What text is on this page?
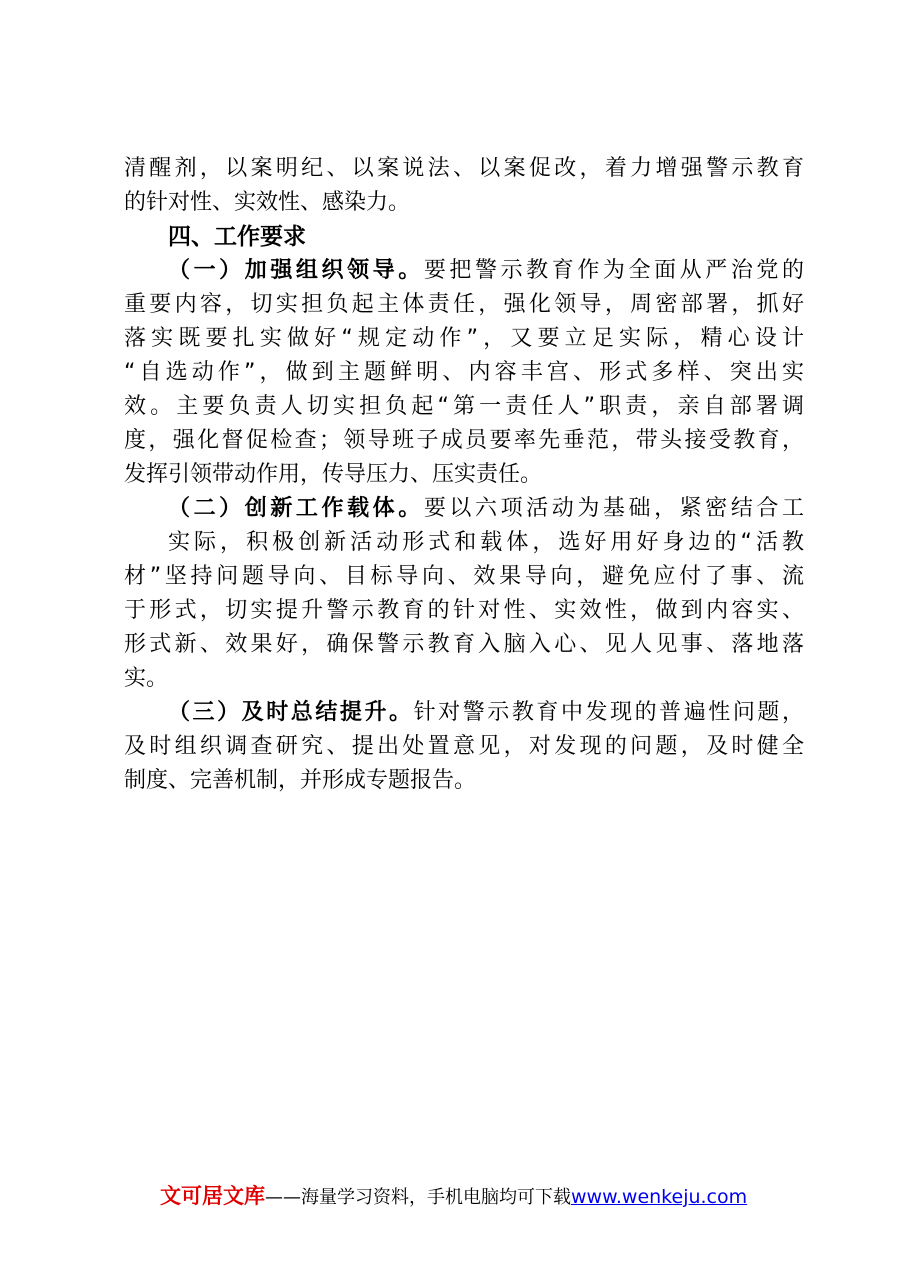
清醒剂，以案明纪、以案说法、以案促改，着力增强警示教育
的针对性、实效性、感染力。
四、工作要求
（一）加强组织领导。要把警示教育作为全面从严治党的
重要内容，切实担负起主体责任，强化领导，周密部署，抓好
落实既要扎实做好“规定动作”，又要立足实际，精心设计
“自选动作”，做到主题鲜明、内容丰宫、形式多样、突出实
效。主要负责人切实担负起“第一责任人”职责，亲自部署调
度，强化督促检查；领导班子成员要率先垂范，带头接受教育，
发挥引领带动作用，传导压力、压实责任。
（二）创新工作载体。要以六项活动为基础，紧密结合工
实际，积极创新活动形式和载体，选好用好身边的“活教
材”坚持问题导向、目标导向、效果导向，避免应付了事、流
于形式，切实提升警示教育的针对性、实效性，做到内容实、
形式新、效果好，确保警示教育入脑入心、见人见事、落地落
实。
（三）及时总结提升。针对警示教育中发现的普遍性问题，
及时组织调查研究、提出处置意见，对发现的问题，及时健全
制度、完善机制，并形成专题报告。
文可居文库——海量学习资料，手机电脑均可下载www.wenkeju.com
